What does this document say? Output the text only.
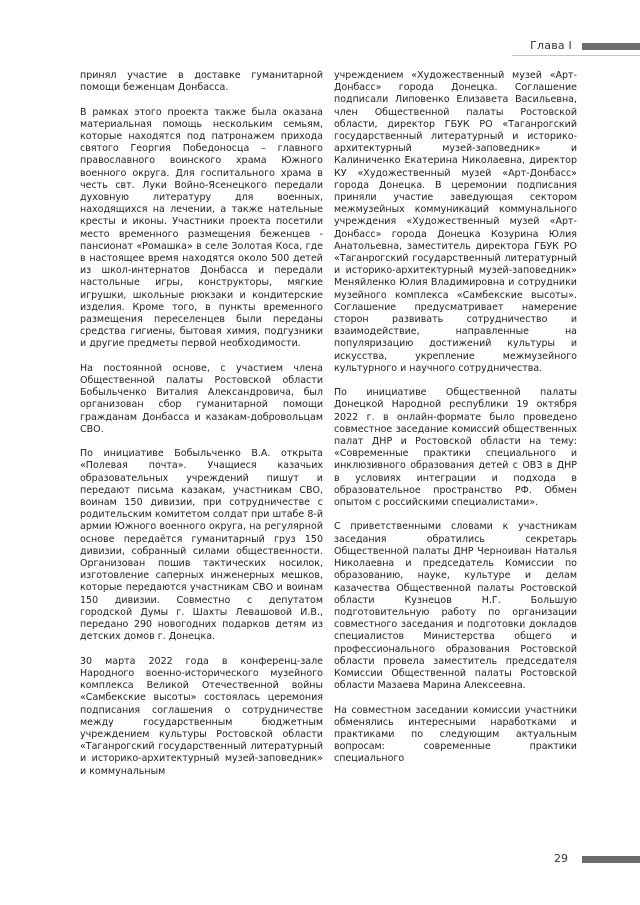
Глава I

принял участие в доставке гуманитарной помощи беженцам Донбасса.

В рамках этого проекта также была оказана материальная помощь нескольким семьям, которые находятся под патронажем прихода святого Георгия Победоносца – главного православного воинского храма Южного военного округа. Для госпитального храма в честь свт. Луки Войно-Ясенецкого передали духовную литературу для военных, находящихся на лечении, а также нательные кресты и иконы. Участники проекта посетили место временного размещения беженцев - пансионат «Ромашка» в селе Золотая Коса, где в настоящее время находятся около 500 детей из школ-интернатов Донбасса и передали настольные игры, конструкторы, мягкие игрушки, школьные рюкзаки и кондитерские изделия. Кроме того, в пункты временного размещения переселенцев были переданы средства гигиены, бытовая химия, подгузники и другие предметы первой необходимости.

На постоянной основе, с участием члена Общественной палаты Ростовской области Бобыльченко Виталия Александровича, был организован сбор гуманитарной помощи гражданам Донбасса и казакам-добровольцам СВО.

По инициативе Бобыльченко В.А. открыта «Полевая почта». Учащиеся казачьих образовательных учреждений пишут и передают письма казакам, участникам СВО, воинам 150 дивизии, при сотрудничестве с родительским комитетом солдат при штабе 8-й армии Южного военного округа, на регулярной основе передаётся гуманитарный груз 150 дивизии, собранный силами общественности. Организован пошив тактических носилок, изготовление саперных инженерных мешков, которые передаются участникам СВО и воинам 150 дивизии. Совместно с депутатом городской Думы г. Шахты Левашовой И.В., передано 290 новогодних подарков детям из детских домов г. Донецка.

30 марта 2022 года в конференц-зале Народного военно-исторического музейного комплекса Великой Отечественной войны «Самбекские высоты» состоялась церемония подписания соглашения о сотрудничестве между государственным бюджетным учреждением культуры Ростовской области «Таганрогский государственный литературный и историко-архитектурный музей-заповедник» и коммунальным

учреждением «Художественный музей «Арт-Донбасс» города Донецка. Соглашение подписали Липовенко Елизавета Васильевна, член Общественной палаты Ростовской области, директор ГБУК РО «Таганрогский государственный литературный и историко-архитектурный музей-заповедник» и Калиниченко Екатерина Николаевна, директор КУ «Художественный музей «Арт-Донбасс» города Донецка. В церемонии подписания приняли участие заведующая сектором межмузейных коммуникаций коммунального учреждения «Художественный музей «Арт-Донбасс» города Донецка Козурина Юлия Анатольевна, заместитель директора ГБУК РО «Таганрогский государственный литературный и историко-архитектурный музей-заповедник» Меняйленко Юлия Владимировна и сотрудники музейного комплекса «Самбекские высоты». Соглашение предусматривает намерение сторон развивать сотрудничество и взаимодействие, направленные на популяризацию достижений культуры и искусства, укрепление межмузейного культурного и научного сотрудничества.

По инициативе Общественной палаты Донецкой Народной республики 19 октября 2022 г. в онлайн-формате было проведено совместное заседание комиссий общественных палат ДНР и Ростовской области на тему: «Современные практики специального и инклюзивного образования детей с ОВЗ в ДНР в условиях интеграции и подхода в образовательное пространство РФ. Обмен опытом с российскими специалистами».

С приветственными словами к участникам заседания обратились секретарь Общественной палаты ДНР Черноиван Наталья Николаевна и председатель Комиссии по образованию, науке, культуре и делам казачества Общественной палаты Ростовской области Кузнецов Н.Г. Большую подготовительную работу по организации совместного заседания и подготовки докладов специалистов Министерства общего и профессионального образования Ростовской области провела заместитель председателя Комиссии Общественной палаты Ростовской области Мазаева Марина Алексеевна.

На совместном заседании комиссии участники обменялись интересными наработками и практиками по следующим актуальным вопросам: современные практики специального

29
